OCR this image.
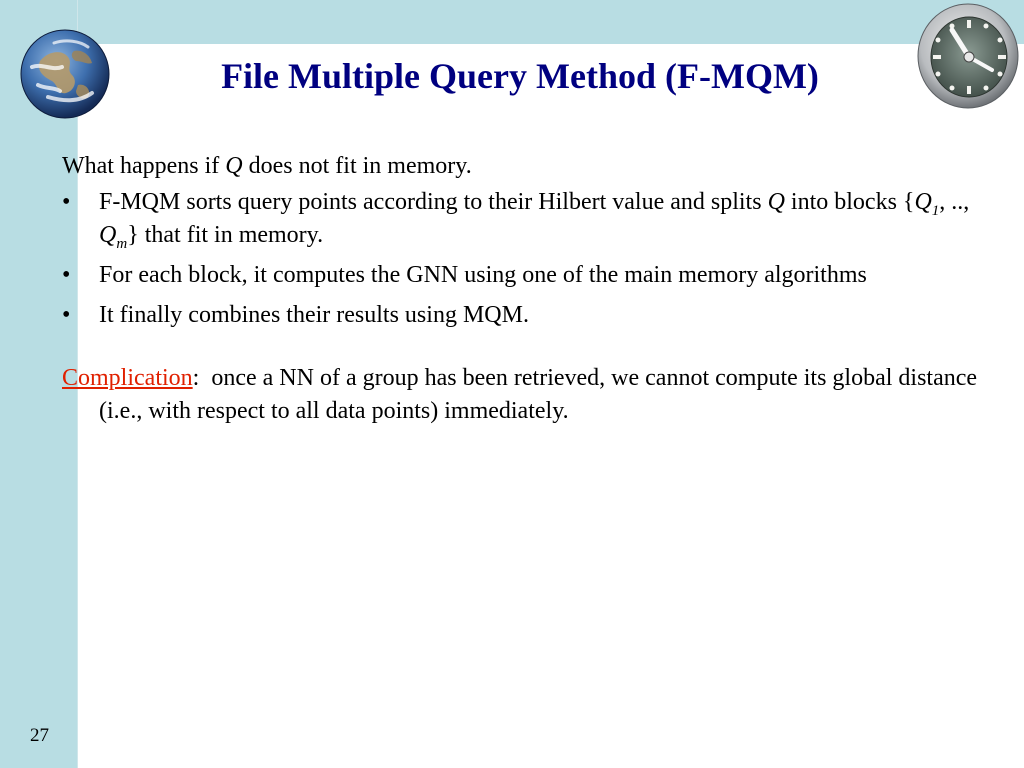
File Multiple Query Method (F-MQM)

What happens if Q does not fit in memory.

• F-MQM sorts query points according to their Hilbert value and splits Q into blocks {$Q_1$, .., $Q_m$} that fit in memory.
• For each block, it computes the GNN using one of the main memory algorithms
• It finally combines their results using MQM.

Complication:  once a NN of a group has been retrieved, we cannot compute its global distance (i.e., with respect to all data points) immediately.

27
